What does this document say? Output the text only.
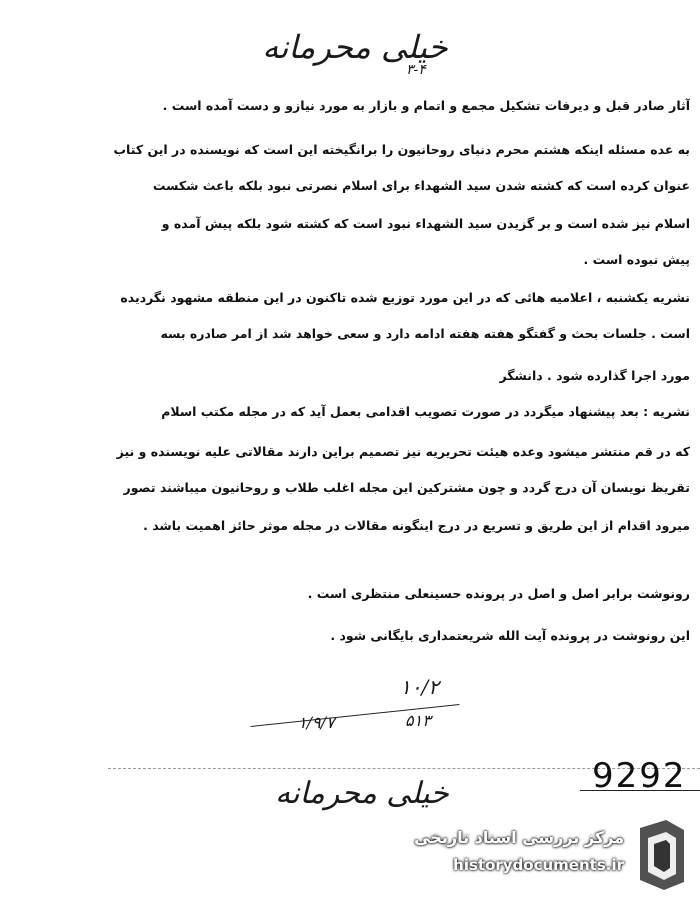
خیلی محرمانه
۳-۴
آثار صادر قبل و دیرفات تشکیل مجمع و اتمام و بازار به مورد نیازو و دست آمده است .
به عده مسئله اینکه هشتم محرم دنیای روحانیون را برانگیخته این است که نویسنده در این کتاب
عنوان کرده است که کشته شدن سید الشهداء براى اسلام نصرتى نبود بلکه باعث شکست
اسلام نیز شده است و بر گزیدن سید الشهداء نبود است که کشته شود بلکه پیش آمده و
پیش نبوده است .
نشریه یکشنبه ، اعلامیه هائی که در این مورد توزیع شده تاکنون در این منطقه مشهود نگردیده
است . جلسات بحث و گفتگو هفته هفته ادامه دارد و سعی خواهد شد از امر صادره بسه
مورد اجرا گذارده شود . دانشگر
نشریه : بعد پیشنهاد میگردد در صورت تصویب اقدامی بعمل آید که در مجله مکتب اسلام
که در قم منتشر میشود وعده هیئت تحریریه نیز تصمیم براین دارند مقالاتی علیه نویسنده و نیز
تقریظ نویسان آن درج گردد و چون مشترکین این مجله اغلب طلاب و روحانیون میباشند تصور
میرود اقدام از این طریق و تسریع در درج اینگونه مقالات در مجله موثر حائز اهمیت باشد .
رونوشت برابر اصل و اصل در پرونده حسینعلی منتظری است .
این رونوشت در پرونده آیت الله شریعتمداری بایگانی شود .
۱۰/۲
۱/۹/۷	۵۱۳
خیلی محرمانه	9292
مرکز بررسی اسناد تاریخی
historydocuments.ir
